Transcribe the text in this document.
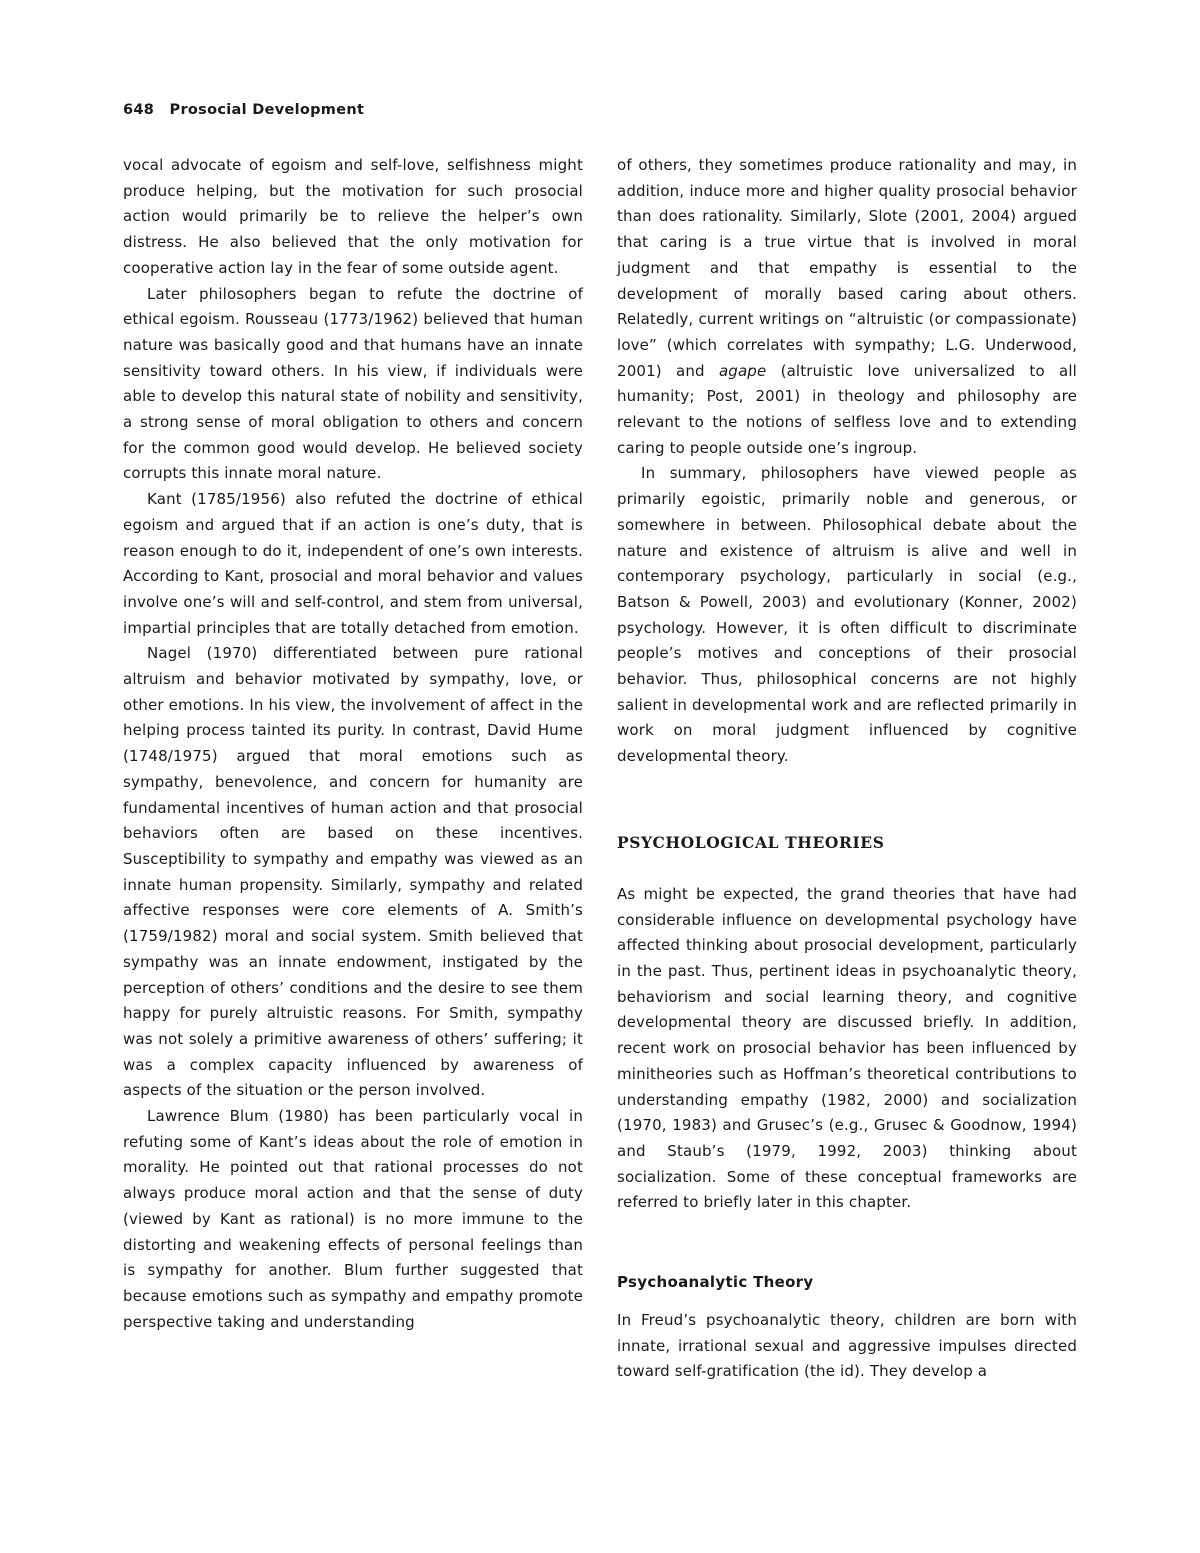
648 Prosocial Development

vocal advocate of egoism and self-love, selfishness might produce helping, but the motivation for such prosocial action would primarily be to relieve the helper’s own distress. He also believed that the only motivation for cooperative action lay in the fear of some outside agent.

Later philosophers began to refute the doctrine of ethical egoism. Rousseau (1773/1962) believed that human nature was basically good and that humans have an innate sensitivity toward others. In his view, if individuals were able to develop this natural state of nobility and sensitivity, a strong sense of moral obligation to others and concern for the common good would develop. He believed society corrupts this innate moral nature.

Kant (1785/1956) also refuted the doctrine of ethical egoism and argued that if an action is one’s duty, that is reason enough to do it, independent of one’s own interests. According to Kant, prosocial and moral behavior and values involve one’s will and self-control, and stem from universal, impartial principles that are totally detached from emotion.

Nagel (1970) differentiated between pure rational altruism and behavior motivated by sympathy, love, or other emotions. In his view, the involvement of affect in the helping process tainted its purity. In contrast, David Hume (1748/1975) argued that moral emotions such as sympathy, benevolence, and concern for humanity are fundamental incentives of human action and that prosocial behaviors often are based on these incentives. Susceptibility to sympathy and empathy was viewed as an innate human propensity. Similarly, sympathy and related affective responses were core elements of A. Smith’s (1759/1982) moral and social system. Smith believed that sympathy was an innate endowment, instigated by the perception of others’ conditions and the desire to see them happy for purely altruistic reasons. For Smith, sympathy was not solely a primitive awareness of others’ suffering; it was a complex capacity influenced by awareness of aspects of the situation or the person involved.

Lawrence Blum (1980) has been particularly vocal in refuting some of Kant’s ideas about the role of emotion in morality. He pointed out that rational processes do not always produce moral action and that the sense of duty (viewed by Kant as rational) is no more immune to the distorting and weakening effects of personal feelings than is sympathy for another. Blum further suggested that because emotions such as sympathy and empathy promote perspective taking and understanding

of others, they sometimes produce rationality and may, in addition, induce more and higher quality prosocial behavior than does rationality. Similarly, Slote (2001, 2004) argued that caring is a true virtue that is involved in moral judgment and that empathy is essential to the development of morally based caring about others. Relatedly, current writings on “altruistic (or compassionate) love” (which correlates with sympathy; L.G. Underwood, 2001) and agape (altruistic love universalized to all humanity; Post, 2001) in theology and philosophy are relevant to the notions of selfless love and to extending caring to people outside one’s ingroup.

In summary, philosophers have viewed people as primarily egoistic, primarily noble and generous, or somewhere in between. Philosophical debate about the nature and existence of altruism is alive and well in contemporary psychology, particularly in social (e.g., Batson & Powell, 2003) and evolutionary (Konner, 2002) psychology. However, it is often difficult to discriminate people’s motives and conceptions of their prosocial behavior. Thus, philosophical concerns are not highly salient in developmental work and are reflected primarily in work on moral judgment influenced by cognitive developmental theory.

PSYCHOLOGICAL THEORIES

As might be expected, the grand theories that have had considerable influence on developmental psychology have affected thinking about prosocial development, particularly in the past. Thus, pertinent ideas in psychoanalytic theory, behaviorism and social learning theory, and cognitive developmental theory are discussed briefly. In addition, recent work on prosocial behavior has been influenced by minitheories such as Hoffman’s theoretical contributions to understanding empathy (1982, 2000) and socialization (1970, 1983) and Grusec’s (e.g., Grusec & Goodnow, 1994) and Staub’s (1979, 1992, 2003) thinking about socialization. Some of these conceptual frameworks are referred to briefly later in this chapter.

Psychoanalytic Theory

In Freud’s psychoanalytic theory, children are born with innate, irrational sexual and aggressive impulses directed toward self-gratification (the id). They develop a
